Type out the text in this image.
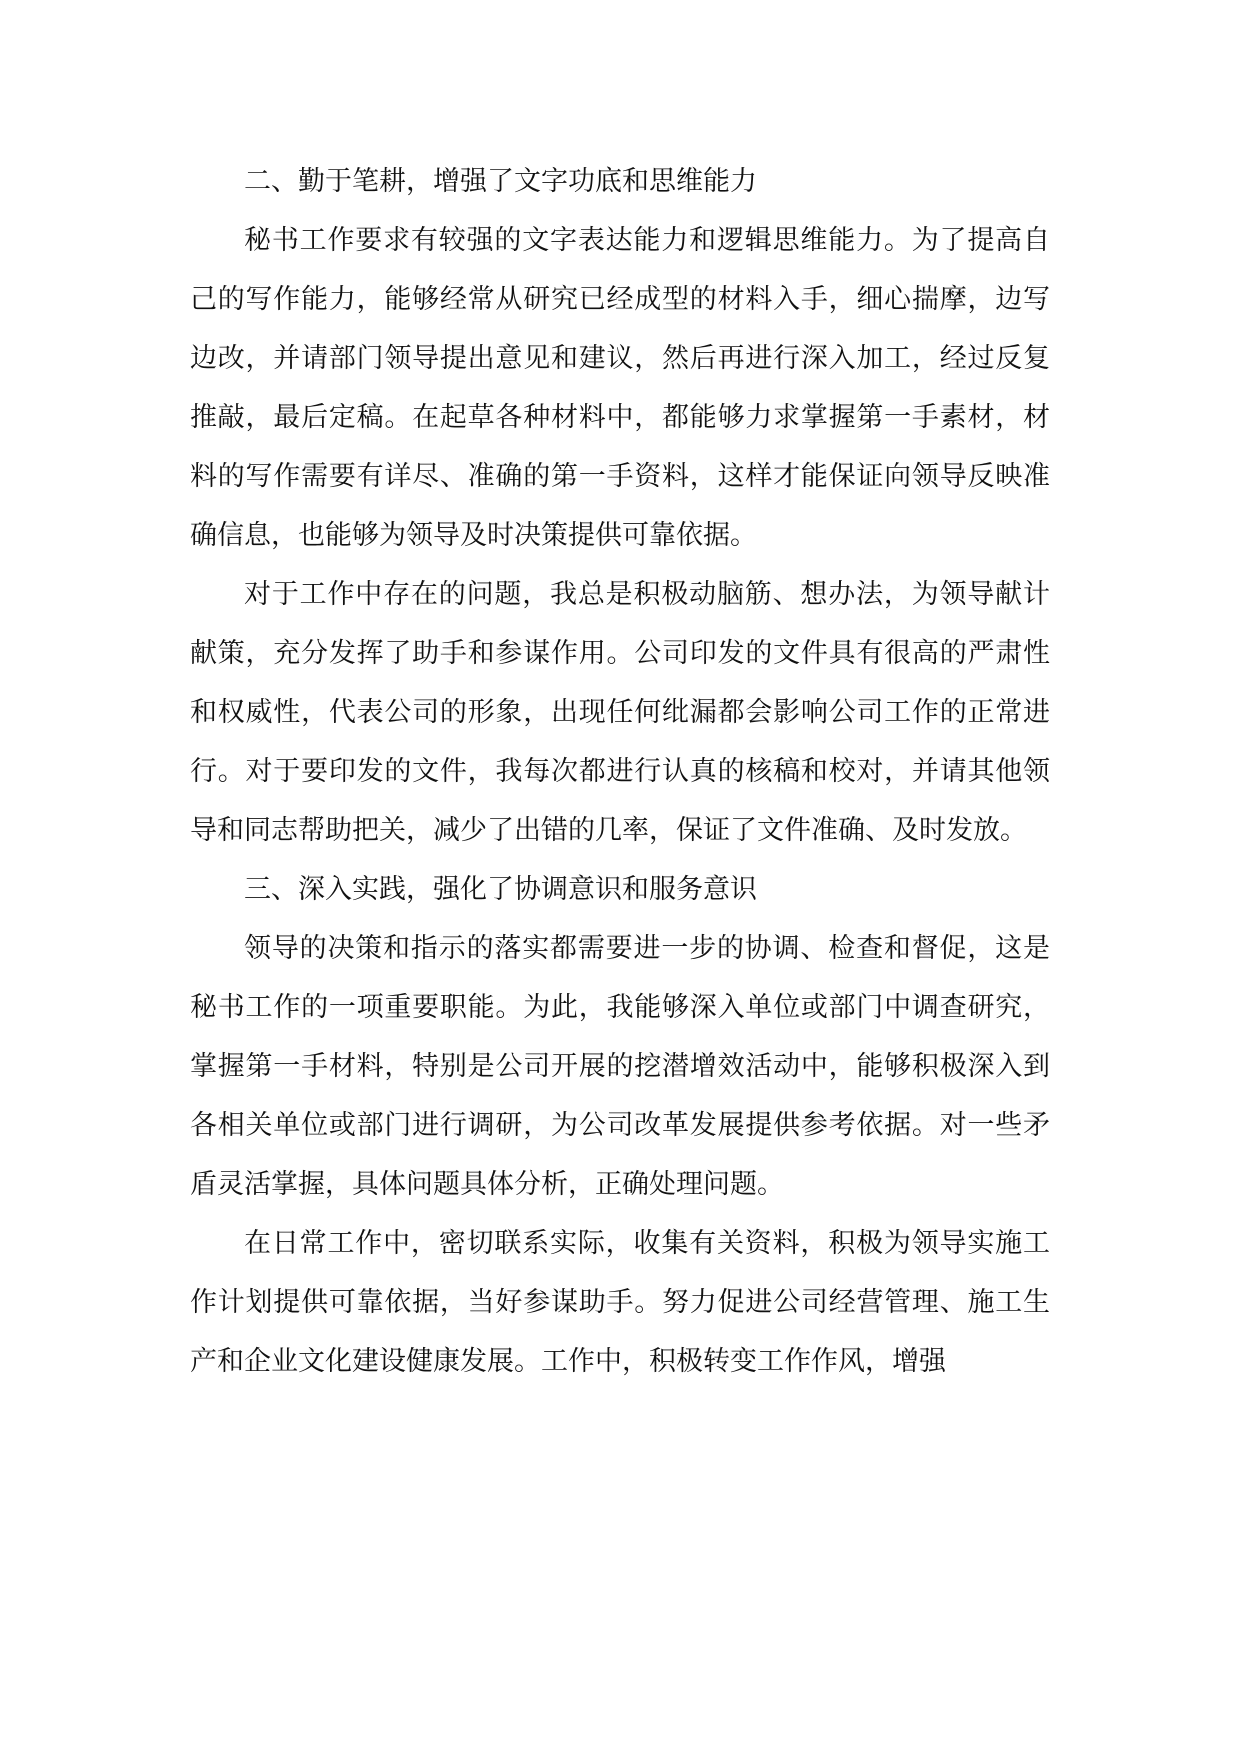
二、勤于笔耕，增强了文字功底和思维能力

秘书工作要求有较强的文字表达能力和逻辑思维能力。为了提高自己的写作能力，能够经常从研究已经成型的材料入手，细心揣摩，边写边改，并请部门领导提出意见和建议，然后再进行深入加工，经过反复推敲，最后定稿。在起草各种材料中，都能够力求掌握第一手素材，材料的写作需要有详尽、准确的第一手资料，这样才能保证向领导反映准确信息，也能够为领导及时决策提供可靠依据。

对于工作中存在的问题，我总是积极动脑筋、想办法，为领导献计献策，充分发挥了助手和参谋作用。公司印发的文件具有很高的严肃性和权威性，代表公司的形象，出现任何纰漏都会影响公司工作的正常进行。对于要印发的文件，我每次都进行认真的核稿和校对，并请其他领导和同志帮助把关，减少了出错的几率，保证了文件准确、及时发放。

三、深入实践，强化了协调意识和服务意识

领导的决策和指示的落实都需要进一步的协调、检查和督促，这是秘书工作的一项重要职能。为此，我能够深入单位或部门中调查研究，掌握第一手材料，特别是公司开展的挖潜增效活动中，能够积极深入到各相关单位或部门进行调研，为公司改革发展提供参考依据。对一些矛盾灵活掌握，具体问题具体分析，正确处理问题。

在日常工作中，密切联系实际，收集有关资料，积极为领导实施工作计划提供可靠依据，当好参谋助手。努力促进公司经营管理、施工生产和企业文化建设健康发展。工作中，积极转变工作作风，增强
